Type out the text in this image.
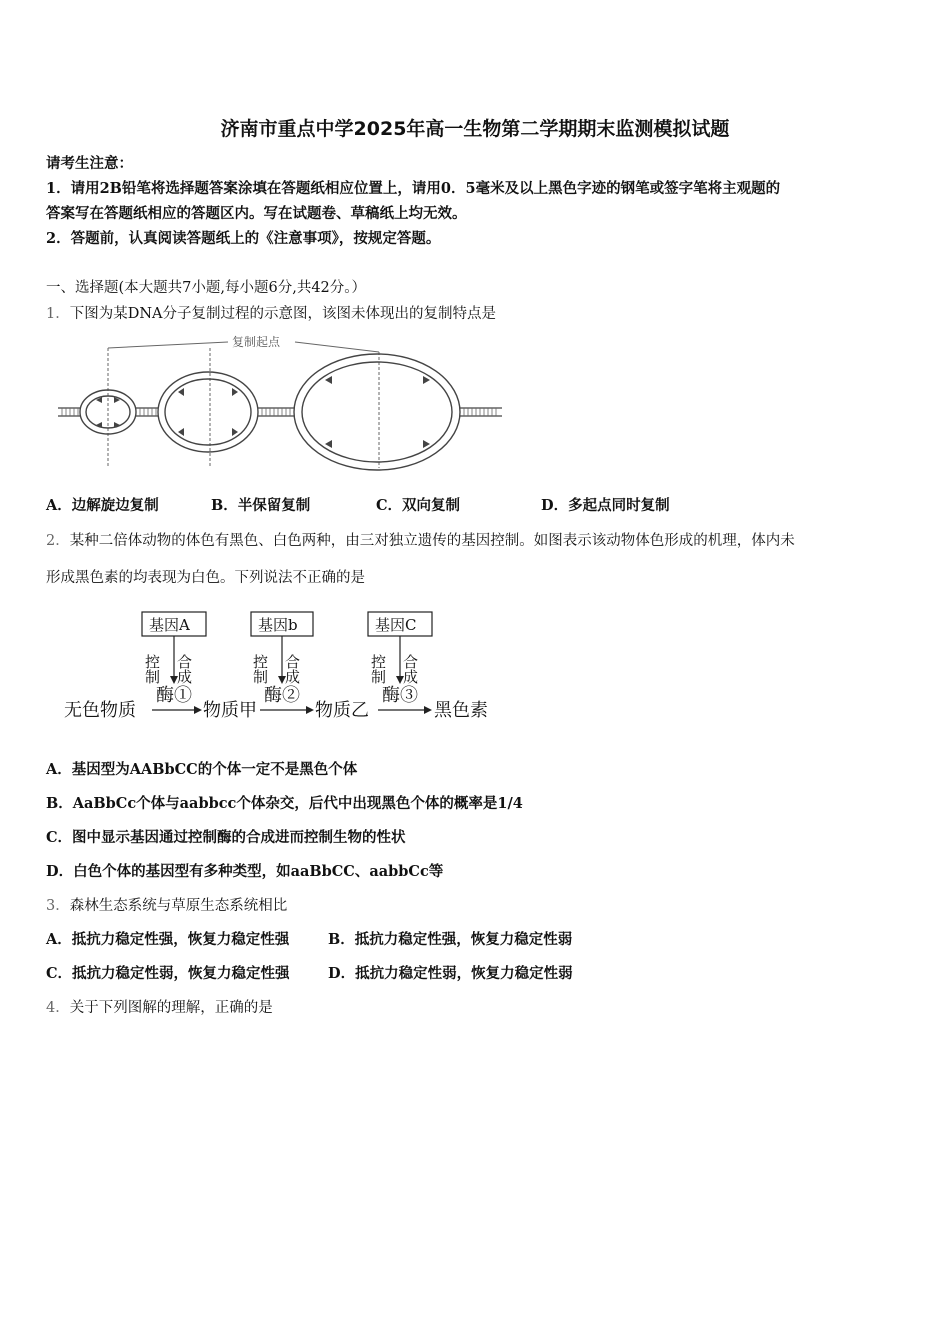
济南市重点中学2025年高一生物第二学期期末监测模拟试题
请考生注意：
1．请用2B铅笔将选择题答案涂填在答题纸相应位置上，请用0．5毫米及以上黑色字迹的钢笔或签字笔将主观题的
答案写在答题纸相应的答题区内。写在试题卷、草稿纸上均无效。
2．答题前，认真阅读答题纸上的《注意事项》，按规定答题。
一、选择题(本大题共7小题,每小题6分,共42分。）
1．下图为某DNA分子复制过程的示意图，该图未体现出的复制特点是
复制起点
A．边解旋边复制	B．半保留复制	C．双向复制	D．多起点同时复制
2．某种二倍体动物的体色有黑色、白色两种，由三对独立遗传的基因控制。如图表示该动物体色形成的机理，体内未
形成黑色素的均表现为白色。下列说法不正确的是
基因A	基因b	基因C
控制 合成	控制 合成	控制 合成
酶①	酶②	酶③
无色物质	物质甲	物质乙	黑色素
A．基因型为AABbCC的个体一定不是黑色个体
B．AaBbCc个体与aabbcc个体杂交，后代中出现黑色个体的概率是1/4
C．图中显示基因通过控制酶的合成进而控制生物的性状
D．白色个体的基因型有多种类型，如aaBbCC、aabbCc等
3．森林生态系统与草原生态系统相比
A．抵抗力稳定性强，恢复力稳定性强	B．抵抗力稳定性强，恢复力稳定性弱
C．抵抗力稳定性弱，恢复力稳定性强	D．抵抗力稳定性弱，恢复力稳定性弱
4．关于下列图解的理解，正确的是
